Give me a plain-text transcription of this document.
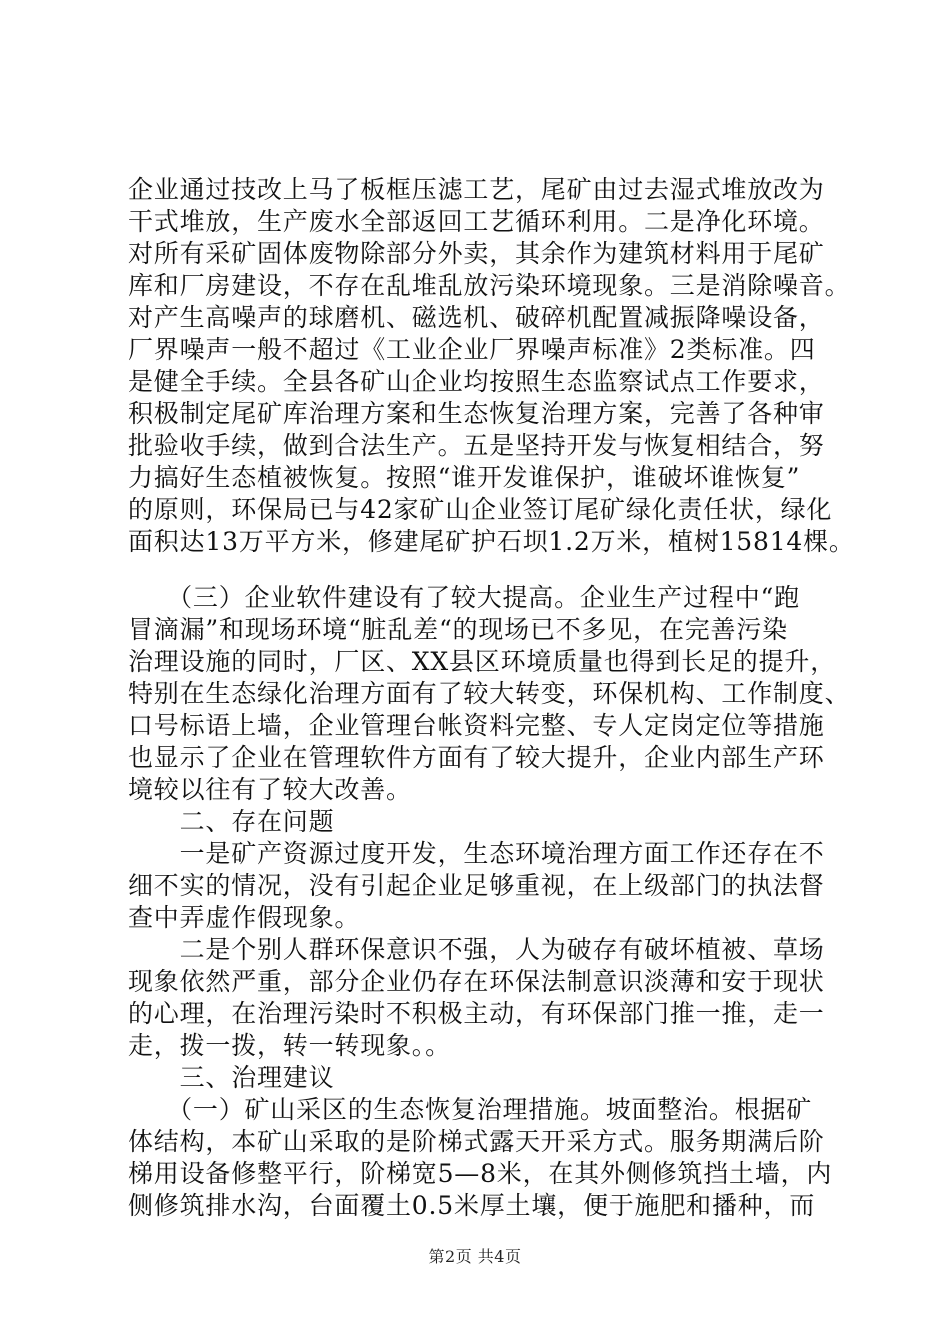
企业通过技改上马了板框压滤工艺，尾矿由过去湿式堆放改为
干式堆放，生产废水全部返回工艺循环利用。二是净化环境。
对所有采矿固体废物除部分外卖，其余作为建筑材料用于尾矿
库和厂房建设，不存在乱堆乱放污染环境现象。三是消除噪音。
对产生高噪声的球磨机、磁选机、破碎机配置减振降噪设备，
厂界噪声一般不超过《工业企业厂界噪声标准》2类标准。四
是健全手续。全县各矿山企业均按照生态监察试点工作要求，
积极制定尾矿库治理方案和生态恢复治理方案，完善了各种审
批验收手续，做到合法生产。五是坚持开发与恢复相结合，努
力搞好生态植被恢复。按照“谁开发谁保护，谁破坏谁恢复”
的原则，环保局已与42家矿山企业签订尾矿绿化责任状，绿化
面积达13万平方米，修建尾矿护石坝1.2万米，植树15814棵。
　　（三）企业软件建设有了较大提高。企业生产过程中“跑
冒滴漏”和现场环境“脏乱差“的现场已不多见，在完善污染
治理设施的同时，厂区、XX县区环境质量也得到长足的提升，
特别在生态绿化治理方面有了较大转变，环保机构、工作制度、
口号标语上墙，企业管理台帐资料完整、专人定岗定位等措施
也显示了企业在管理软件方面有了较大提升，企业内部生产环
境较以往有了较大改善。
　　二、存在问题
　　一是矿产资源过度开发，生态环境治理方面工作还存在不
细不实的情况，没有引起企业足够重视，在上级部门的执法督
查中弄虚作假现象。
　　二是个别人群环保意识不强，人为破存有破坏植被、草场
现象依然严重，部分企业仍存在环保法制意识淡薄和安于现状
的心理，在治理污染时不积极主动，有环保部门推一推，走一
走，拨一拨，转一转现象。。
　　三、治理建议
　　（一）矿山采区的生态恢复治理措施。坡面整治。根据矿
体结构，本矿山采取的是阶梯式露天开采方式。服务期满后阶
梯用设备修整平行，阶梯宽5—8米，在其外侧修筑挡土墙，内
侧修筑排水沟，台面覆土0.5米厚土壤，便于施肥和播种，而
第2页 共4页
